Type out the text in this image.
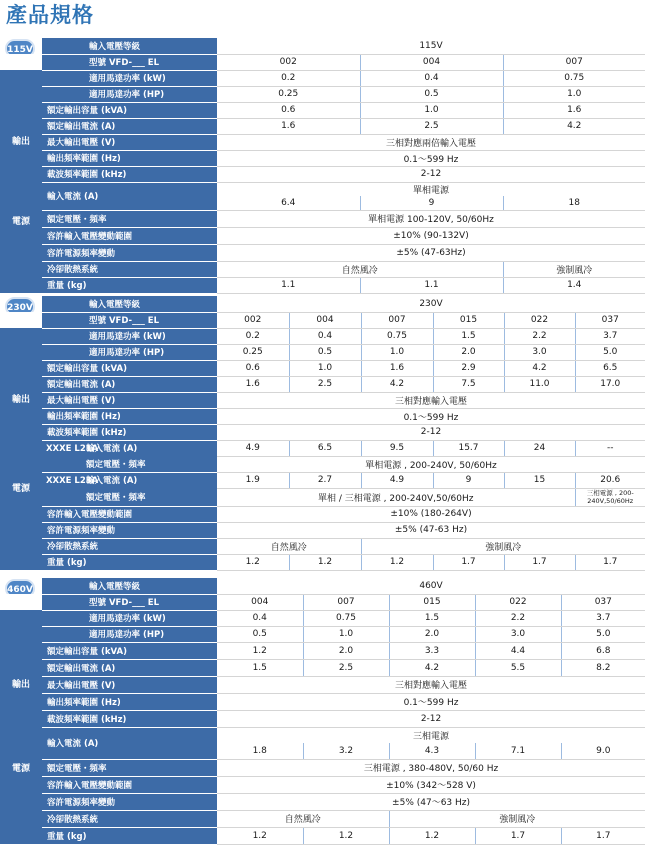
產品規格
115V	輸入電壓等級	115V		
	型號 VFD-___ EL	002	004	007
	適用馬達功率 (kW)	0.2	0.4	0.75
	適用馬達功率 (HP)	0.25	0.5	1.0
輸出	額定輸出容量 (kVA)	0.6	1.0	1.6
	額定輸出電流 (A)	1.6	2.5	4.2
	最大輸出電壓 (V)	三相對應兩倍輸入電壓		
	輸出頻率範圍 (Hz)	0.1～599 Hz		
	載波頻率範圍 (kHz)	2-12		
電源	輸入電流 (A)	單相電源		
		6.4	9	18
	額定電壓・頻率	單相電源 100-120V, 50/60Hz		
	容許輸入電壓變動範圍	±10% (90-132V)		
	容許電源頻率變動	±5% (47-63Hz)		
	冷卻散熱系統	自然風冷		強制風冷
	重量 (kg)	1.1	1.1	1.4
230V	輸入電壓等級	230V					
	型號 VFD-___ EL	002	004	007	015	022	037
	適用馬達功率 (kW)	0.2	0.4	0.75	1.5	2.2	3.7
	適用馬達功率 (HP)	0.25	0.5	1.0	2.0	3.0	5.0
輸出	額定輸出容量 (kVA)	0.6	1.0	1.6	2.9	4.2	6.5
	額定輸出電流 (A)	1.6	2.5	4.2	7.5	11.0	17.0
	最大輸出電壓 (V)	三相對應輸入電壓					
	輸出頻率範圍 (Hz)	0.1～599 Hz					
	載波頻率範圍 (kHz)	2-12					
電源	XXXE L21A輸入電流 (A)	4.9	6.5	9.5	15.7	24	--
	額定電壓・頻率	單相電源 , 200-240V, 50/60Hz					
	XXXE L23A輸入電流 (A)	1.9	2.7	4.9	9	15	20.6
	額定電壓・頻率	單相 / 三相電源 , 200-240V,50/60Hz					三相電源 , 200-240V,50/60Hz
	容許輸入電壓變動範圍	±10% (180-264V)					
	容許電源頻率變動	±5% (47-63 Hz)					
	冷卻散熱系統	自然風冷		強制風冷			
	重量 (kg)	1.2	1.2	1.2	1.7	1.7	1.7
460V	輸入電壓等級	460V				
	型號 VFD-___ EL	004	007	015	022	037
	適用馬達功率 (kW)	0.4	0.75	1.5	2.2	3.7
	適用馬達功率 (HP)	0.5	1.0	2.0	3.0	5.0
輸出	額定輸出容量 (kVA)	1.2	2.0	3.3	4.4	6.8
	額定輸出電流 (A)	1.5	2.5	4.2	5.5	8.2
	最大輸出電壓 (V)	三相對應輸入電壓				
	輸出頻率範圍 (Hz)	0.1～599 Hz				
	載波頻率範圍 (kHz)	2-12				
電源	輸入電流 (A)	三相電源				
		1.8	3.2	4.3	7.1	9.0
	額定電壓・頻率	三相電源 , 380-480V, 50/60 Hz				
	容許輸入電壓變動範圍	±10% (342～528 V)				
	容許電源頻率變動	±5% (47～63 Hz)				
	冷卻散熱系統	自然風冷		強制風冷		
	重量 (kg)	1.2	1.2	1.2	1.7	1.7
